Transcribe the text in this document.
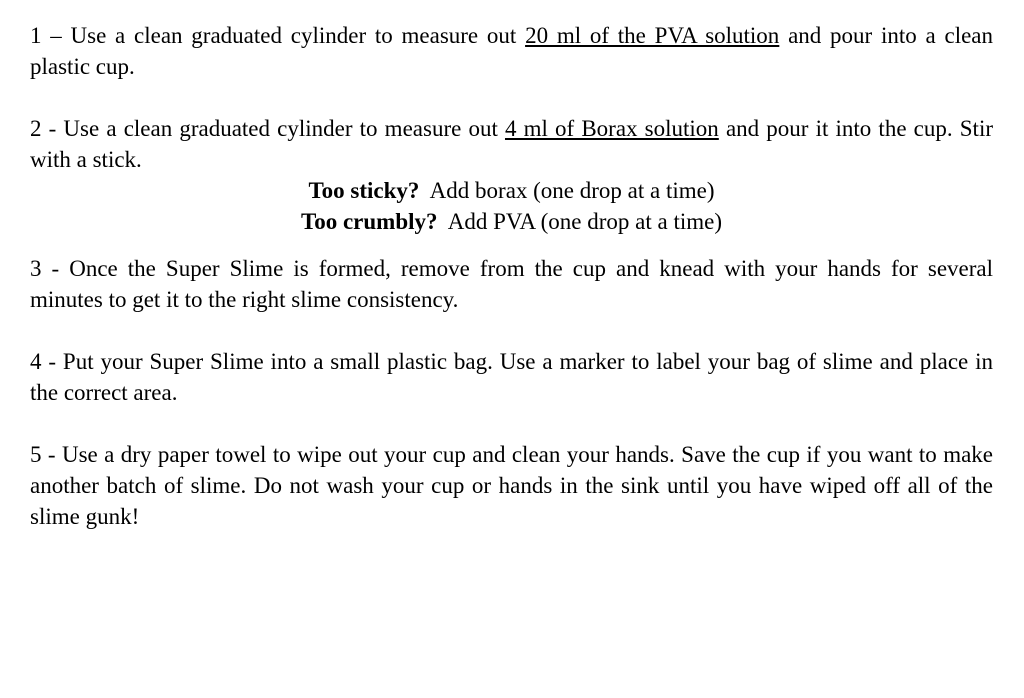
1 – Use a clean graduated cylinder to measure out 20 ml of the PVA solution and pour into a clean plastic cup.

2 - Use a clean graduated cylinder to measure out 4 ml of Borax solution and pour it into the cup. Stir with a stick.

Too sticky? Add borax (one drop at a time)

Too crumbly? Add PVA (one drop at a time)

3 - Once the Super Slime is formed, remove from the cup and knead with your hands for several minutes to get it to the right slime consistency.

4 - Put your Super Slime into a small plastic bag. Use a marker to label your bag of slime and place in the correct area.

5 - Use a dry paper towel to wipe out your cup and clean your hands. Save the cup if you want to make another batch of slime. Do not wash your cup or hands in the sink until you have wiped off all of the slime gunk!
